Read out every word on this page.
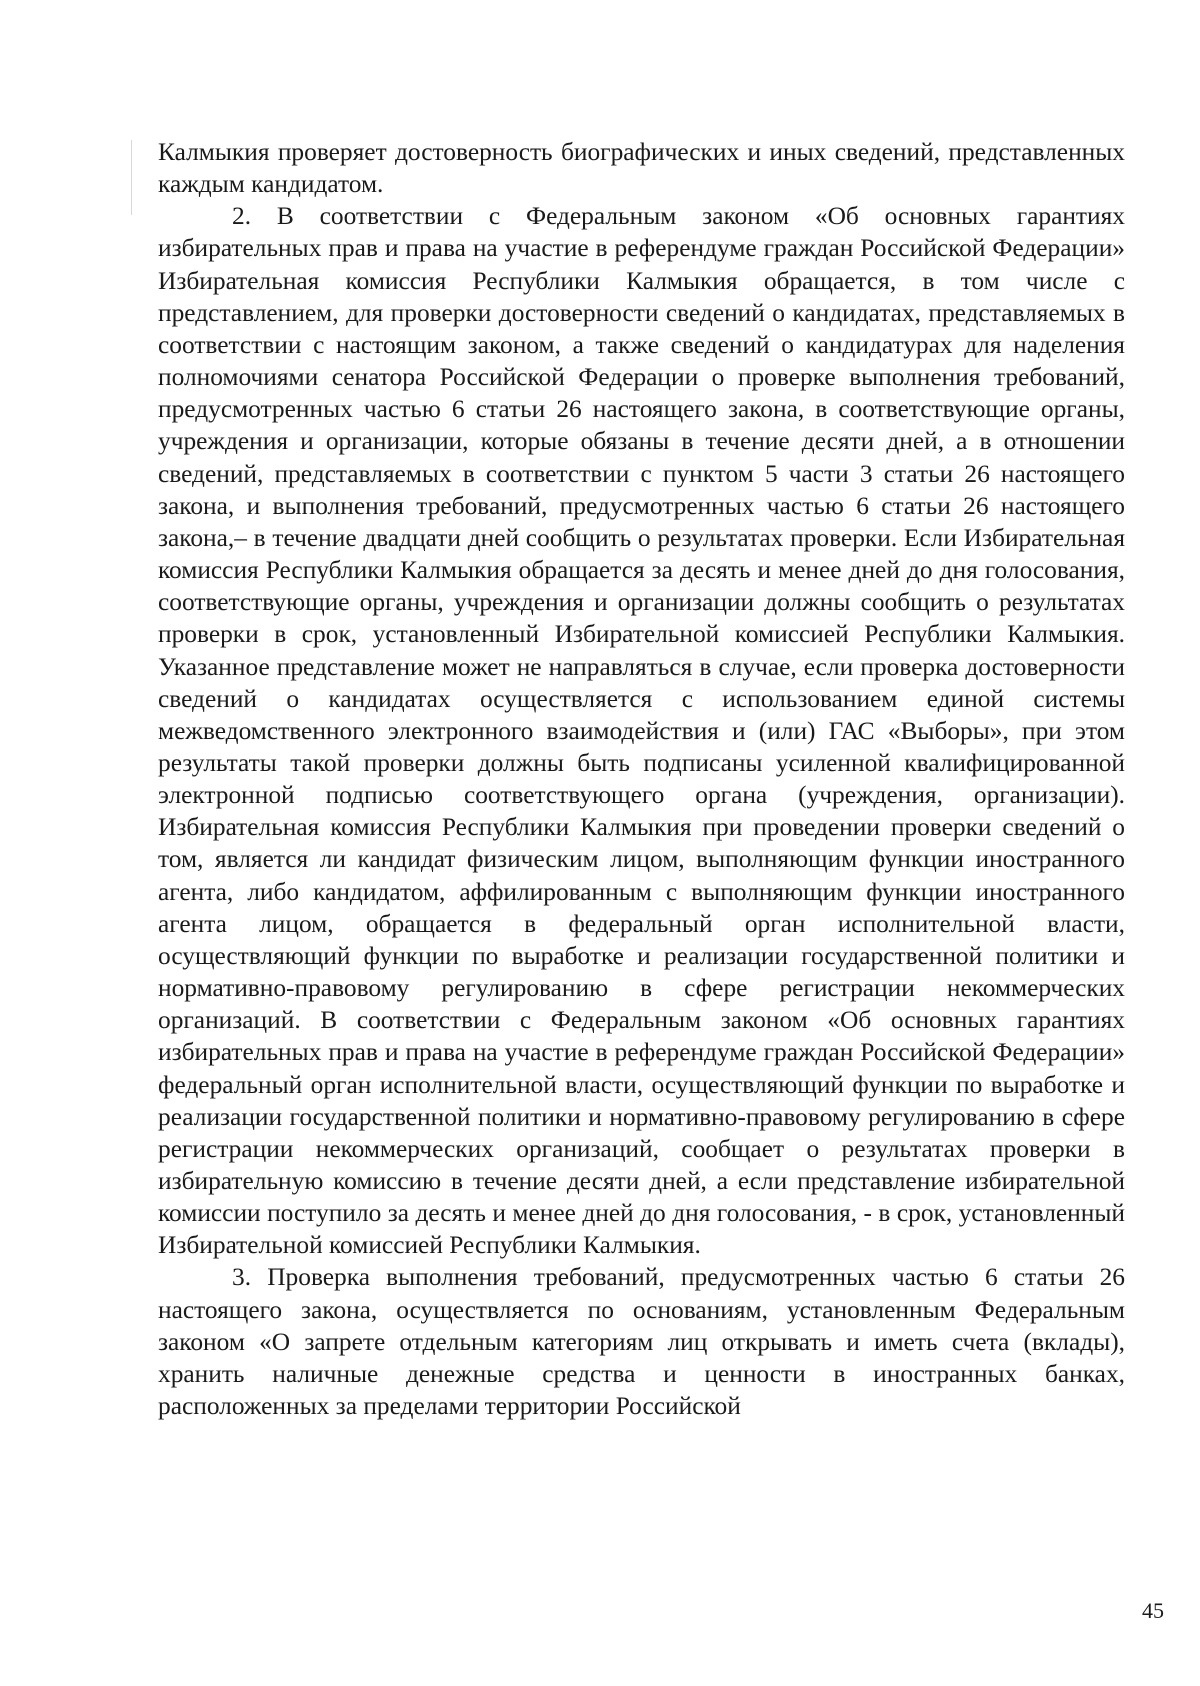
Калмыкия проверяет достоверность биографических и иных сведений, представленных каждым кандидатом.

2. В соответствии с Федеральным законом «Об основных гарантиях избирательных прав и права на участие в референдуме граждан Российской Федерации» Избирательная комиссия Республики Калмыкия обращается, в том числе с представлением, для проверки достоверности сведений о кандидатах, представляемых в соответствии с настоящим законом, а также сведений о кандидатурах для наделения полномочиями сенатора Российской Федерации о проверке выполнения требований, предусмотренных частью 6 статьи 26 настоящего закона, в соответствующие органы, учреждения и организации, которые обязаны в течение десяти дней, а в отношении сведений, представляемых в соответствии с пунктом 5 части 3 статьи 26 настоящего закона, и выполнения требований, предусмотренных частью 6 статьи 26 настоящего закона,– в течение двадцати дней сообщить о результатах проверки. Если Избирательная комиссия Республики Калмыкия обращается за десять и менее дней до дня голосования, соответствующие органы, учреждения и организации должны сообщить о результатах проверки в срок, установленный Избирательной комиссией Республики Калмыкия. Указанное представление может не направляться в случае, если проверка достоверности сведений о кандидатах осуществляется с использованием единой системы межведомственного электронного взаимодействия и (или) ГАС «Выборы», при этом результаты такой проверки должны быть подписаны усиленной квалифицированной электронной подписью соответствующего органа (учреждения, организации). Избирательная комиссия Республики Калмыкия при проведении проверки сведений о том, является ли кандидат физическим лицом, выполняющим функции иностранного агента, либо кандидатом, аффилированным с выполняющим функции иностранного агента лицом, обращается в федеральный орган исполнительной власти, осуществляющий функции по выработке и реализации государственной политики и нормативно-правовому регулированию в сфере регистрации некоммерческих организаций. В соответствии с Федеральным законом «Об основных гарантиях избирательных прав и права на участие в референдуме граждан Российской Федерации» федеральный орган исполнительной власти, осуществляющий функции по выработке и реализации государственной политики и нормативно-правовому регулированию в сфере регистрации некоммерческих организаций, сообщает о результатах проверки в избирательную комиссию в течение десяти дней, а если представление избирательной комиссии поступило за десять и менее дней до дня голосования, - в срок, установленный Избирательной комиссией Республики Калмыкия.

3. Проверка выполнения требований, предусмотренных частью 6 статьи 26 настоящего закона, осуществляется по основаниям, установленным Федеральным законом «О запрете отдельным категориям лиц открывать и иметь счета (вклады), хранить наличные денежные средства и ценности в иностранных банках, расположенных за пределами территории Российской

45
